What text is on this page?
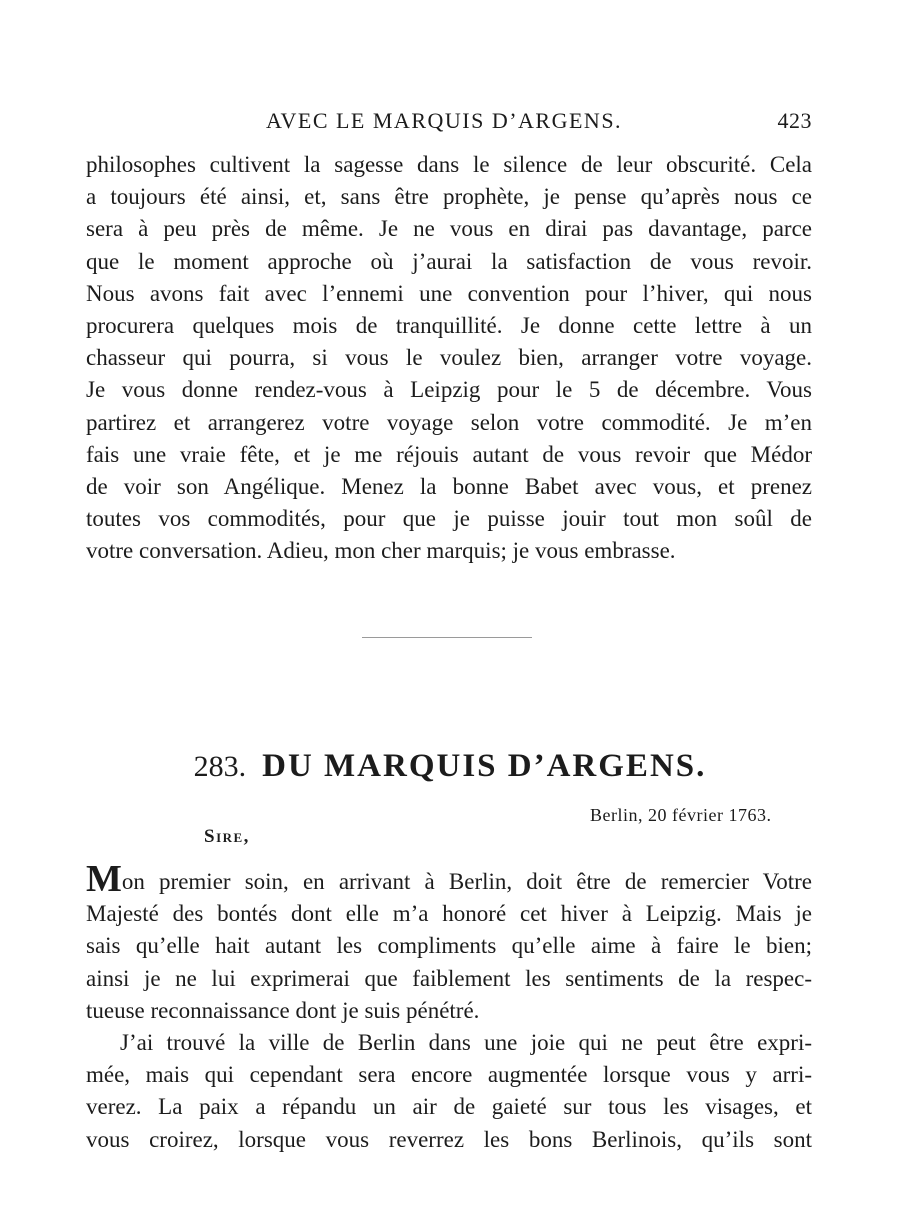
AVEC LE MARQUIS D’ARGENS.	423
philosophes cultivent la sagesse dans le silence de leur obscurité. Cela
a toujours été ainsi, et, sans être prophète, je pense qu’après nous ce
sera à peu près de même. Je ne vous en dirai pas davantage, parce
que le moment approche où j’aurai la satisfaction de vous revoir.
Nous avons fait avec l’ennemi une convention pour l’hiver, qui nous
procurera quelques mois de tranquillité. Je donne cette lettre à un
chasseur qui pourra, si vous le voulez bien, arranger votre voyage.
Je vous donne rendez-vous à Leipzig pour le 5 de décembre. Vous
partirez et arrangerez votre voyage selon votre commodité. Je m’en
fais une vraie fête, et je me réjouis autant de vous revoir que Médor
de voir son Angélique. Menez la bonne Babet avec vous, et prenez
toutes vos commodités, pour que je puisse jouir tout mon soûl de
votre conversation. Adieu, mon cher marquis; je vous embrasse.
283. DU MARQUIS D’ARGENS.
Berlin, 20 février 1763.
Sire,
Mon premier soin, en arrivant à Berlin, doit être de remercier Votre
Majesté des bontés dont elle m’a honoré cet hiver à Leipzig. Mais je
sais qu’elle hait autant les compliments qu’elle aime à faire le bien;
ainsi je ne lui exprimerai que faiblement les sentiments de la respec-
tueuse reconnaissance dont je suis pénétré.
J’ai trouvé la ville de Berlin dans une joie qui ne peut être expri-
mée, mais qui cependant sera encore augmentée lorsque vous y arri-
verez. La paix a répandu un air de gaieté sur tous les visages, et
vous croirez, lorsque vous reverrez les bons Berlinois, qu’ils sont
